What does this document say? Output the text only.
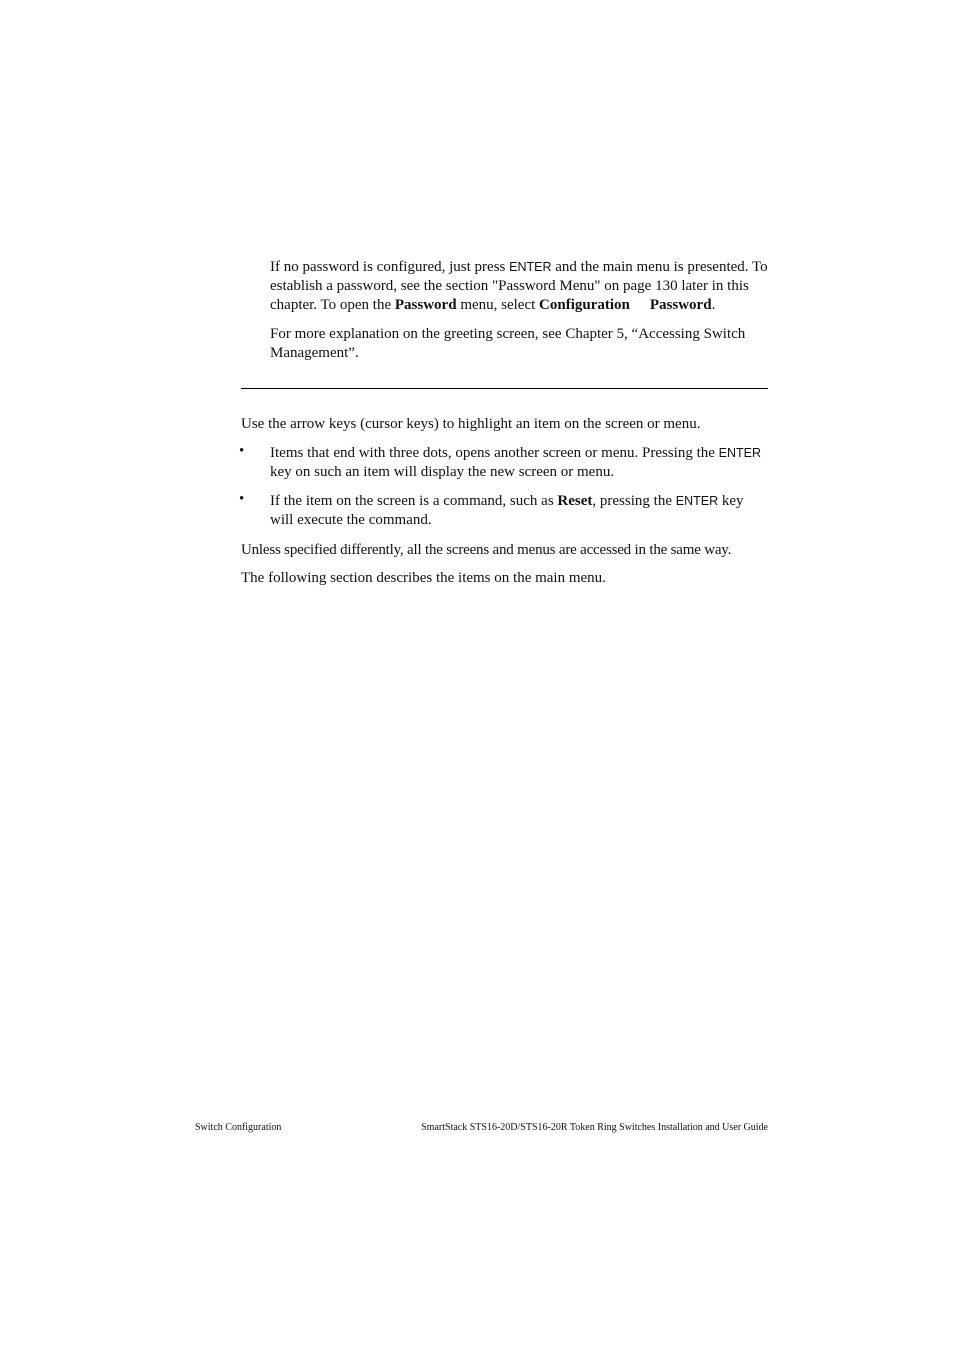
If no password is configured, just press ENTER and the main menu is presented. To establish a password, see the section "Password Menu" on page 130 later in this chapter. To open the Password menu, select Configuration Password.

For more explanation on the greeting screen, see Chapter 5, “Accessing Switch Management”.

Use the arrow keys (cursor keys) to highlight an item on the screen or menu.

• Items that end with three dots, opens another screen or menu. Pressing the ENTER key on such an item will display the new screen or menu.

• If the item on the screen is a command, such as Reset, pressing the ENTER key will execute the command.

Unless specified differently, all the screens and menus are accessed in the same way.

The following section describes the items on the main menu.

Switch Configuration	SmartStack STS16-20D/STS16-20R Token Ring Switches Installation and User Guide
